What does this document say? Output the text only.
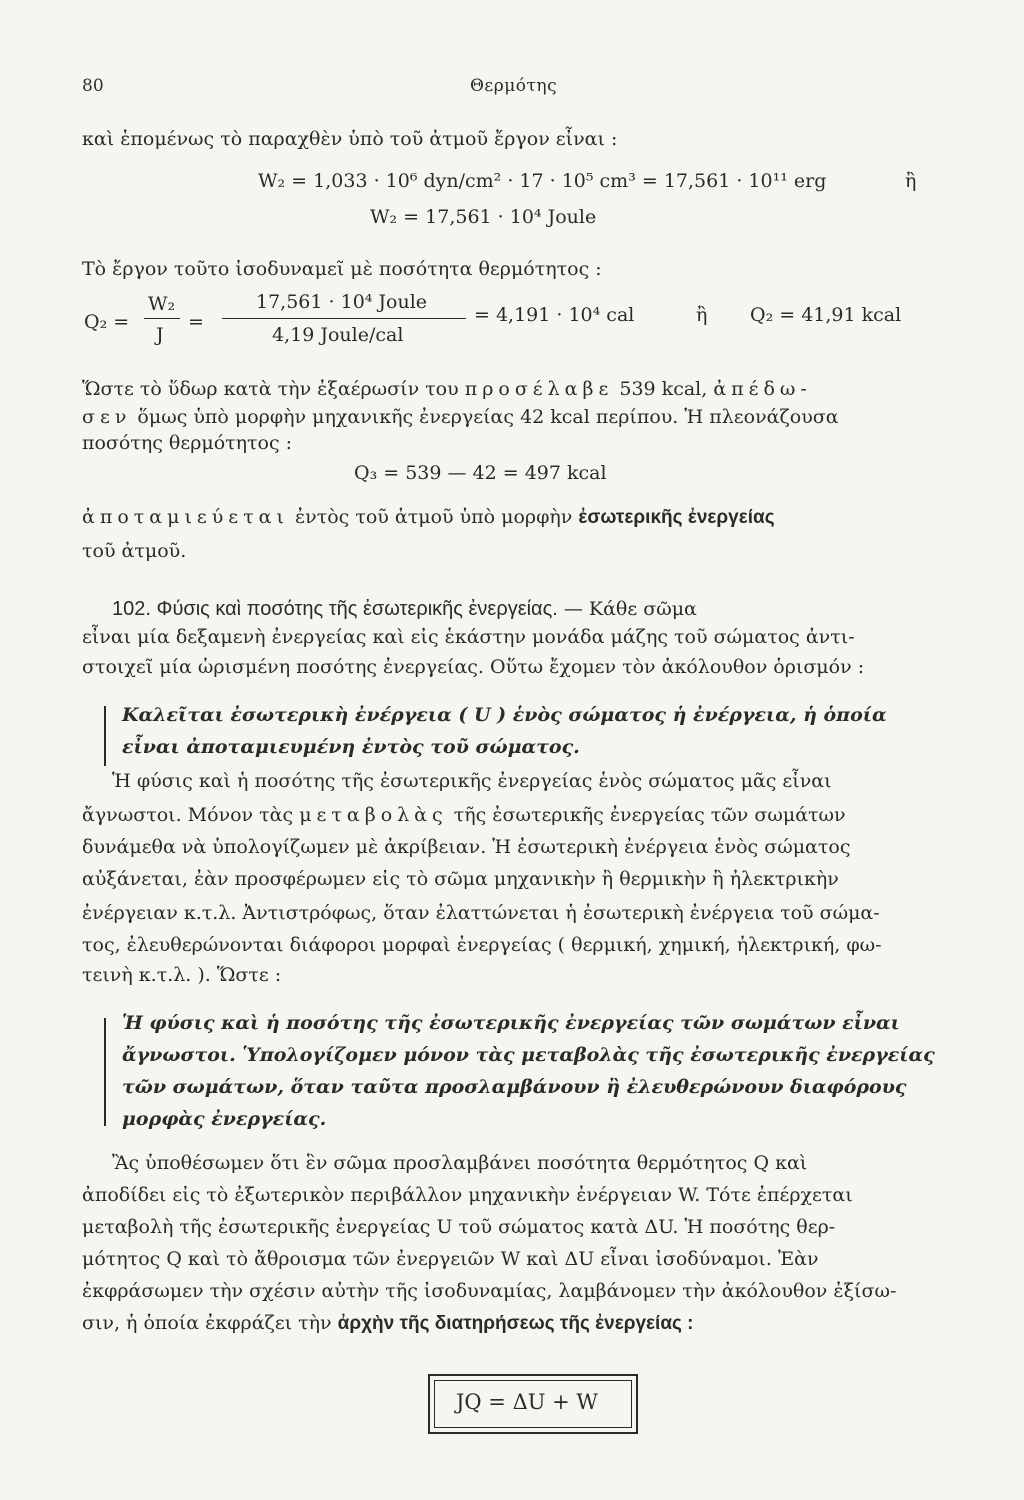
80	Θερμότης
καὶ ἑπομένως τὸ παραχθὲν ὑπὸ τοῦ ἀτμοῦ ἔργον εἶναι :
W₂ = 1,033 · 10⁶ dyn/cm² · 17 · 10⁵ cm³ = 17,561 · 10¹¹ erg	ἢ
W₂ = 17,561 · 10⁴ Joule
Τὸ ἔργον τοῦτο ἰσοδυναμεῖ μὲ ποσότητα θερμότητος :
Q₂ =
W₂
J
=
17,561 · 10⁴ Joule
4,19 Joule/cal
= 4,191 · 10⁴ cal	ἢ Q₂ = 41,91 kcal
Ὥστε τὸ ὕδωρ κατὰ τὴν ἐξαέρωσίν του προσέλαβε 539 kcal, ἀπέδω-
σεν ὅμως ὑπὸ μορφὴν μηχανικῆς ἐνεργείας 42 kcal περίπου. Ἡ πλεονάζουσα
ποσότης θερμότητος :
Q₃ = 539 — 42 = 497 kcal
ἀποταμιεύεται ἐντὸς τοῦ ἀτμοῦ ὑπὸ μορφὴν ἐσωτερικῆς ἐνεργείας
τοῦ ἀτμοῦ.
102. Φύσις καὶ ποσότης τῆς ἐσωτερικῆς ἐνεργείας. — Κάθε σῶμα
εἶναι μία δεξαμενὴ ἐνεργείας καὶ εἰς ἑκάστην μονάδα μάζης τοῦ σώματος ἀντι-
στοιχεῖ μία ὡρισμένη ποσότης ἐνεργείας. Οὕτω ἔχομεν τὸν ἀκόλουθον ὁρισμόν :
Καλεῖται ἐσωτερικὴ ἐνέργεια ( U ) ἑνὸς σώματος ἡ ἐνέργεια, ἡ ὁποία
εἶναι ἀποταμιευμένη ἐντὸς τοῦ σώματος.
Ἡ φύσις καὶ ἡ ποσότης τῆς ἐσωτερικῆς ἐνεργείας ἑνὸς σώματος μᾶς εἶναι
ἄγνωστοι. Μόνον τὰς μεταβολὰς τῆς ἐσωτερικῆς ἐνεργείας τῶν σωμάτων
δυνάμεθα νὰ ὑπολογίζωμεν μὲ ἀκρίβειαν. Ἡ ἐσωτερικὴ ἐνέργεια ἑνὸς σώματος
αὐξάνεται, ἐὰν προσφέρωμεν εἰς τὸ σῶμα μηχανικὴν ἢ θερμικὴν ἢ ἠλεκτρικὴν
ἐνέργειαν κ.τ.λ. Ἀντιστρόφως, ὅταν ἐλαττώνεται ἡ ἐσωτερικὴ ἐνέργεια τοῦ σώμα-
τος, ἐλευθερώνονται διάφοροι μορφαὶ ἐνεργείας ( θερμική, χημική, ἠλεκτρική, φω-
τεινὴ κ.τ.λ. ). Ὥστε :
Ἡ φύσις καὶ ἡ ποσότης τῆς ἐσωτερικῆς ἐνεργείας τῶν σωμάτων εἶναι
ἄγνωστοι. Ὑπολογίζομεν μόνον τὰς μεταβολὰς τῆς ἐσωτερικῆς ἐνεργείας
τῶν σωμάτων, ὅταν ταῦτα προσλαμβάνουν ἢ ἐλευθερώνουν διαφόρους
μορφὰς ἐνεργείας.
Ἂς ὑποθέσωμεν ὅτι ἓν σῶμα προσλαμβάνει ποσότητα θερμότητος Q καὶ
ἀποδίδει εἰς τὸ ἐξωτερικὸν περιβάλλον μηχανικὴν ἐνέργειαν W. Τότε ἐπέρχεται
μεταβολὴ τῆς ἐσωτερικῆς ἐνεργείας U τοῦ σώματος κατὰ ΔU. Ἡ ποσότης θερ-
μότητος Q καὶ τὸ ἄθροισμα τῶν ἐνεργειῶν W καὶ ΔU εἶναι ἰσοδύναμοι. Ἐὰν
ἐκφράσωμεν τὴν σχέσιν αὐτὴν τῆς ἰσοδυναμίας, λαμβάνομεν τὴν ἀκόλουθον ἐξίσω-
σιν, ἡ ὁποία ἐκφράζει τὴν ἀρχὴν τῆς διατηρήσεως τῆς ἐνεργείας :
JQ = ΔU + W
